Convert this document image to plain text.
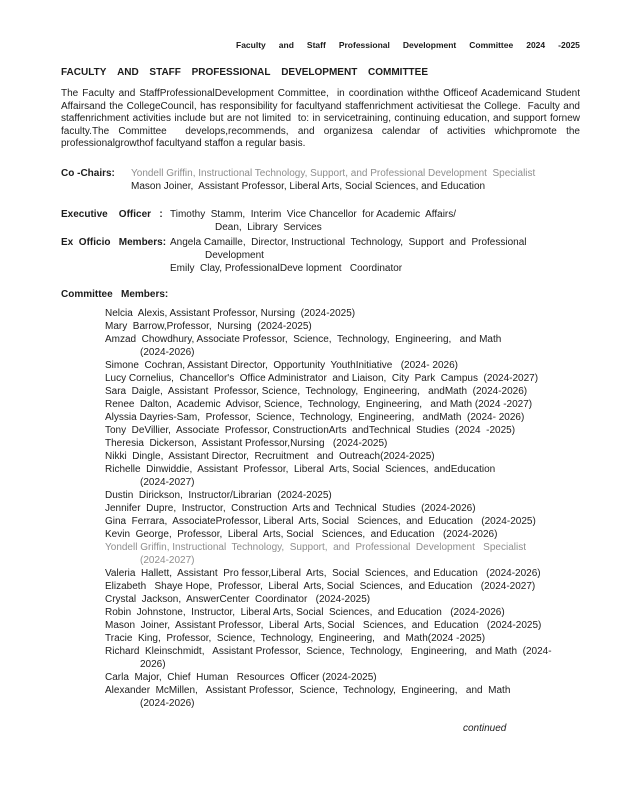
Faculty and Staff Professional Development Committee 2024 -2025
FACULTY AND STAFF PROFESSIONAL DEVELOPMENT COMMITTEE

The Faculty and StaffProfessionalDevelopment Committee,  in coordination withthe Officeof Academicand Student Affairsand the CollegeCouncil, has responsibility for facultyand staffenrichment activitiesat the College.  Faculty and staffenrichment activities include but are not limited  to: in servicetraining, continuing education, and support fornew faculty.The Committee  develops,recommends, and organizesa calendar of activities whichpromote the professionalgrowthof facultyand staffon a regular basis.

Co -Chairs:	Yondell Griffin, Instructional Technology, Support, and Professional Development  Specialist
Mason Joiner,  Assistant Professor, Liberal Arts, Social Sciences, and Education
Executive    Officer   : Timothy  Stamm,  Interim  Vice Chancellor  for Academic  Affairs/
Dean,  Library  Services
Ex  Officio   Members: Angela Camaille,  Director, Instructional  Technology,  Support  and  Professional
Development
Emily  Clay, ProfessionalDeve lopment   Coordinator
Committee   Members:
Nelcia  Alexis, Assistant Professor, Nursing  (2024-2025)
Mary  Barrow,Professor,  Nursing  (2024-2025)
Amzad  Chowdhury, Associate Professor,  Science,  Technology,  Engineering,   and Math
(2024-2026)
Simone  Cochran, Assistant Director,  Opportunity  YouthInitiative   (2024- 2026)
Lucy Cornelius,  Chancellor's  Office Administrator  and Liaison,  City  Park  Campus  (2024-2027)
Sara  Daigle,  Assistant  Professor, Science,  Technology,  Engineering,   andMath  (2024-2026)
Renee  Dalton,  Academic  Advisor, Science,  Technology,  Engineering,   and Math (2024 -2027)
Alyssia Dayries-Sam,  Professor,  Science,  Technology,  Engineering,   andMath  (2024- 2026)
Tony  DeVillier,  Associate  Professor, ConstructionArts  andTechnical  Studies  (2024  -2025)
Theresia  Dickerson,  Assistant Professor,Nursing   (2024-2025)
Nikki  Dingle,  Assistant Director,  Recruitment   and  Outreach(2024-2025)
Richelle  Dinwiddie,  Assistant  Professor,  Liberal  Arts, Social  Sciences,  andEducation
(2024-2027)
Dustin  Dirickson,  Instructor/Librarian  (2024-2025)
Jennifer  Dupre,  Instructor,  Construction  Arts and  Technical  Studies  (2024-2026)
Gina  Ferrara,  AssociateProfessor, Liberal  Arts, Social   Sciences,  and  Education   (2024-2025)
Kevin  George,  Professor,  Liberal  Arts, Social   Sciences,  and Education   (2024-2026)
Yondell Griffin, Instructional  Technology,  Support,  and  Professional  Development   Specialist
(2024-2027)
Valeria  Hallett,  Assistant  Pro fessor,Liberal  Arts,  Social  Sciences,  and Education   (2024-2026)
Elizabeth   Shaye Hope,  Professor,  Liberal  Arts, Social  Sciences,  and Education   (2024-2027)
Crystal  Jackson,  AnswerCenter  Coordinator   (2024-2025)
Robin  Johnstone,  Instructor,  Liberal Arts, Social  Sciences,  and Education   (2024-2026)
Mason  Joiner,  Assistant Professor,  Liberal  Arts, Social   Sciences,  and  Education   (2024-2025)
Tracie  King,  Professor,  Science,  Technology,  Engineering,   and  Math(2024 -2025)
Richard  Kleinschmidt,   Assistant Professor,  Science,  Technology,   Engineering,   and Math  (2024-
2026)
Carla  Major,  Chief  Human   Resources  Officer (2024-2025)
Alexander  McMillen,   Assistant Professor,  Science,  Technology,  Engineering,   and  Math
(2024-2026)
continued
